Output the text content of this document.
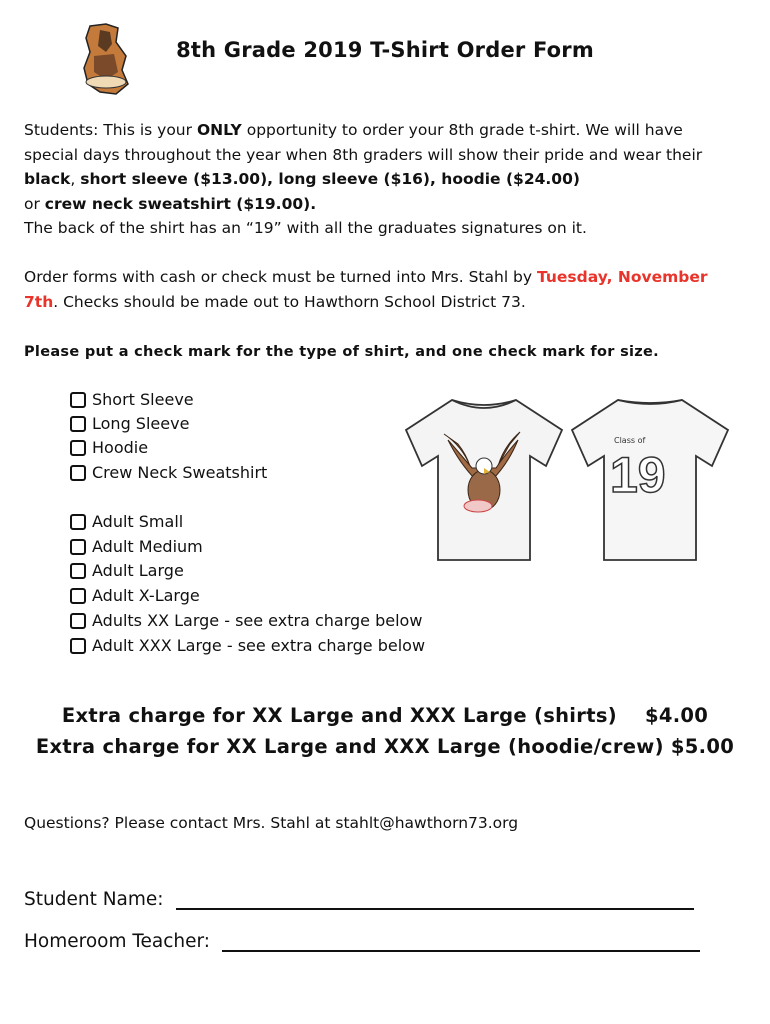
8th Grade 2019 T-Shirt Order Form
Students: This is your ONLY opportunity to order your 8th grade t-shirt. We will have special days throughout the year when 8th graders will show their pride and wear their black, short sleeve ($13.00), long sleeve ($16), hoodie ($24.00)
or crew neck sweatshirt ($19.00).
The back of the shirt has an “19” with all the graduates signatures on it.
Order forms with cash or check must be turned into Mrs. Stahl by Tuesday, November 7th. Checks should be made out to Hawthorn School District 73.
Please put a check mark for the type of shirt, and one check mark for size.
Short Sleeve
Long Sleeve
Hoodie
Crew Neck Sweatshirt
Adult Small
Adult Medium
Adult Large
Adult X-Large
Adults XX Large - see extra charge below
Adult XXX Large - see extra charge below
Class of
19
Extra charge for XX Large and XXX Large (shirts) $4.00
Extra charge for XX Large and XXX Large (hoodie/crew) $5.00
Questions? Please contact Mrs. Stahl at stahlt@hawthorn73.org
Student Name:
Homeroom Teacher:
